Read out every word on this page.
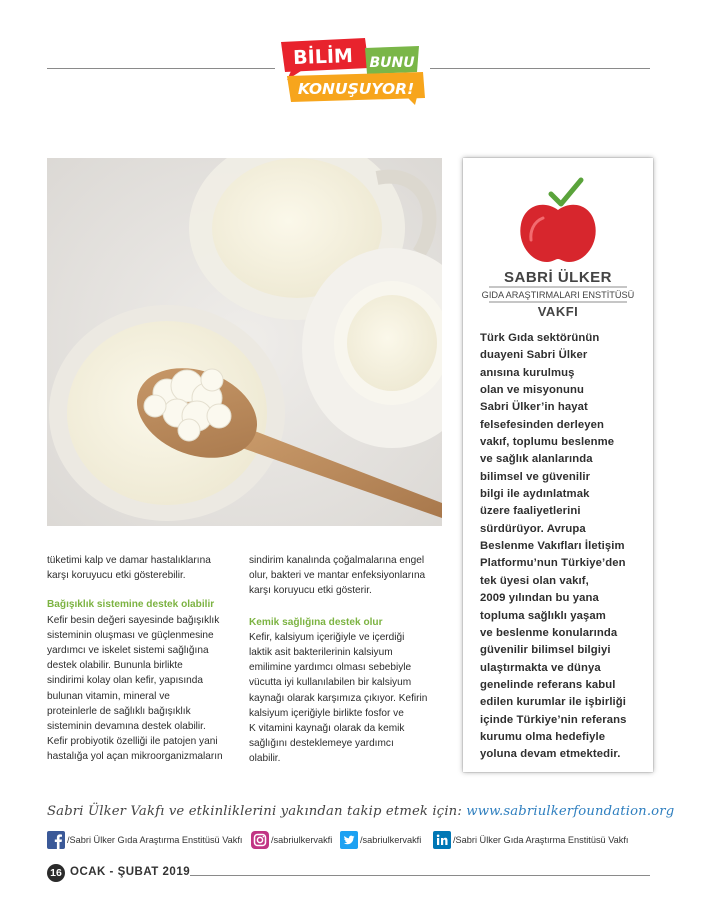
BİLİM BUNU
KONUŞUYOR!
SABRİ ÜLKER
GIDA ARAŞTIRMALARI ENSTİTÜSÜ
VAKFI
Türk Gıda sektörünün
duayeni Sabri Ülker
anısına kurulmuş
olan ve misyonunu
Sabri Ülker’in hayat
felsefesinden derleyen
vakıf, toplumu beslenme
ve sağlık alanlarında
bilimsel ve güvenilir
bilgi ile aydınlatmak
üzere faaliyetlerini
sürdürüyor. Avrupa
Beslenme Vakıfları İletişim
Platformu’nun Türkiye’den
tek üyesi olan vakıf,
2009 yılından bu yana
topluma sağlıklı yaşam
ve beslenme konularında
güvenilir bilimsel bilgiyi
ulaştırmakta ve dünya
genelinde referans kabul
edilen kurumlar ile işbirliği
içinde Türkiye’nin referans
kurumu olma hedefiyle
yoluna devam etmektedir.

tüketimi kalp ve damar hastalıklarına

karşı koruyucu etki gösterebilir.

Bağışıklık sistemine destek olabilir

Kefir besin değeri sayesinde bağışıklık

sisteminin oluşması ve güçlenmesine

yardımcı ve iskelet sistemi sağlığına

destek olabilir. Bununla birlikte

sindirimi kolay olan kefir, yapısında

bulunan vitamin, mineral ve

proteinlerle de sağlıklı bağışıklık

sisteminin devamına destek olabilir.

Kefir probiyotik özelliği ile patojen yani

hastalığa yol açan mikroorganizmaların

sindirim kanalında çoğalmalarına engel

olur, bakteri ve mantar enfeksiyonlarına

karşı koruyucu etki gösterir.

Kemik sağlığına destek olur

Kefir, kalsiyum içeriğiyle ve içerdiği

laktik asit bakterilerinin kalsiyum

emilimine yardımcı olması sebebiyle

vücutta iyi kullanılabilen bir kalsiyum

kaynağı olarak karşımıza çıkıyor. Kefirin

kalsiyum içeriğiyle birlikte fosfor ve

K vitamini kaynağı olarak da kemik

sağlığını desteklemeye yardımcı

olabilir.

Sabri Ülker Vakfı ve etkinliklerini yakından takip etmek için: www.sabriulkerfoundation.org
/Sabri Ülker Gıda Araştırma Enstitüsü Vakfı	/sabriulkervakfi	/sabriulkervakfi	/Sabri Ülker Gıda Araştırma Enstitüsü Vakfı
16 OCAK - ŞUBAT 2019
